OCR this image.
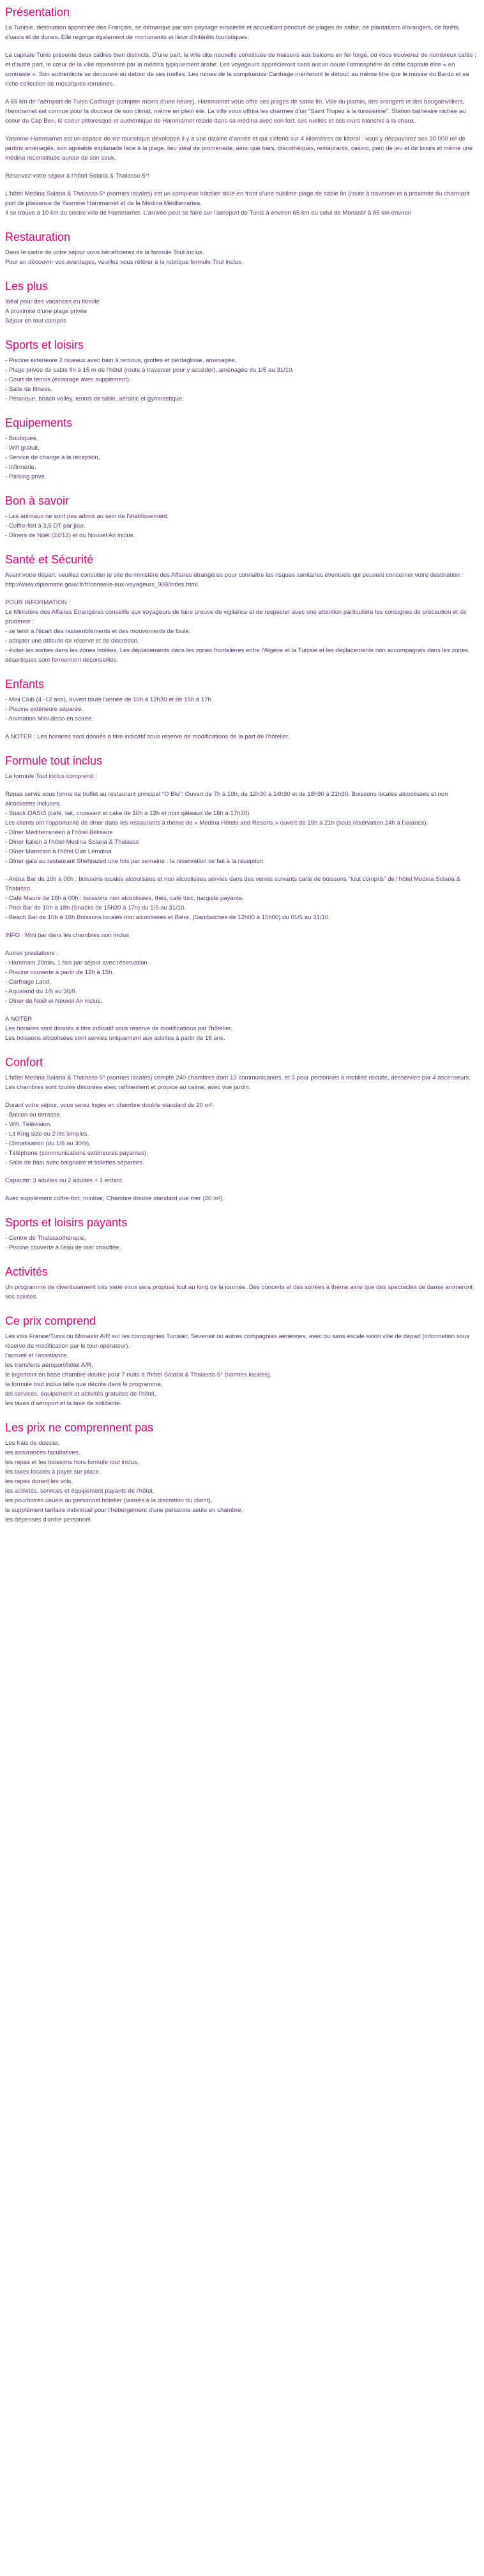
Présentation

La Tunisie, destination appréciée des Français, se démarque par son paysage ensoleillé et accueillant ponctué de plages de sable, de plantations d'orangers, de forêts, d'oasis et de dunes. Elle regorge également de monuments et lieux d'intérêts touristiques.

La capitale Tunis présente deux cadres bien distincts. D'une part, la ville dite nouvelle constituée de maisons aux balcons en fer forgé, où vous trouverez de nombreux cafés ; et d'autre part, le cœur de la ville représenté par la médina typiquement arabe. Les voyageurs apprécieront sans aucun doute l'atmosphère de cette capitale élite « en contraste ». Son authenticité se découvre au détour de ses ruelles. Les ruines de la somptueuse Carthage mériteront le détour, au même titre que le musée du Bardo et sa riche collection de mosaïques romaines.

A 65 km de l'aéroport de Tunis Carthage (compter moins d'une heure), Hammamet vous offre ses plages de sable fin. Ville du jasmin, des orangers et des bougainvilliers, Hammamet est connue pour la douceur de son climat, même en plein été. La ville vous offrira les charmes d'un "Saint Tropez à la tunisienne". Station balnéaire nichée au coeur du Cap Bon, le coeur pittoresque et authentique de Hammamet réside dans sa médina avec son fort, ses ruelles et ses murs blanchis à la chaux.

Yasmine-Hammamet est un espace de vie touristique développé il y a une dizaine d'année et qui s'étend sur 4 kilomètres de littoral : vous y découvrirez ses 30 000 m² de jardins aménagés, son agréable esplanade face à la plage, lieu idéal de promenade, ainsi que bars, discothèques, restaurants, casino, parc de jeu et de loisirs et même une médina reconstituée autour de son souk.

Réservez votre séjour à l'hôtel Solaria & Thalasso 5*!

L'hôtel Medina Solaria & Thalasso 5* (normes locales) est un complexe hôtelier situé en front d'une sublime plage de sable fin (route à traverser et à proximité du charmant port de plaisance de Yasmine Hammamet et de la Médina Méditerranea.
Il se trouve à 10 km du centre ville de Hammamet. L'arrivée peut se faire sur l'aéroport de Tunis à environ 65 km ou celui de Monastir à 85 km environ

Restauration
Dans le cadre de votre séjour vous bénéficierez de la formule Tout inclus.
Pour en découvrir vos avantages, veuillez vous référer à la rubrique formule Tout inclus.
Les plus
Idéal pour des vacances en famille
A proximité d'une plage privée
Séjour en tout compris
Sports et loisirs
- Piscine extérieure 2 niveaux avec bain à remous, grottes et pentaglisse, aménagée,
- Plage privée de sable fin à 15 m de l'hôtel (route à traverser pour y accéder), aménagée du 1/5 au 31/10.
- Court de tennis (éclairage avec supplément).
- Salle de fitness.
- Pétanque, beach volley, tennis de table, aérobic et gymnastique.
Equipements
- Boutiques,
- Wifi gratuit,
- Service de change à la réception,
- Infirmerie,
- Parking privé.
Bon à savoir
- Les animaux ne sont pas admis au sein de l'établissement.
- Coffre-fort à 3,5 DT par jour.
- Dîners de Noël (24/12) et du Nouvel An inclus.
Santé et Sécurité

Avant votre départ, veuillez consulter le site du ministère des Affaires étrangères pour connaître les risques sanitaires éventuels qui peuvent concerner votre destination : http://www.diplomatie.gouv.fr/fr/conseils-aux-voyageurs_909/index.html

POUR INFORMATION :
Le Ministère des Affaires Etrangères conseille aux voyageurs de faire preuve de vigilance et de respecter avec une attention particulière les consignes de précaution et de prudence :
- se tenir à l'écart des rassemblements et des mouvements de foule,
- adopter une attitude de réserve et de discrétion,
- éviter les sorties dans les zones isolées. Les déplacements dans les zones frontalières entre l'Algérie et la Tunisie et les déplacements non accompagnés dans les zones désertiques sont fermement déconseillés.

Enfants
- Mini Club (4 -12 ans), ouvert toute l'année de 10h à 12h30 et de 15h à 17h.
- Piscine extérieure séparée.
- Animation Mini disco en soirée.

A NOTER : Les horaires sont donnés à titre indicatif sous réserve de modifications de la part de l'hôtelier.

Formule tout inclus

La formule Tout inclus comprend :

Repas servis sous forme de buffet au restaurant principal "O Blu": Ouvert de 7h à 10h, de 12h30 à 14h30 et de 18h30 à 21h30. Boissons locales alcoolisées et non alcoolisées incluses.
- Snack OASIS (café, lait, croissant et cake de 10h à 12h et mini gâteaux de 16h à 17h30).
Les clients ont l'opportunité de dîner dans les restaurants à thème de « Medina Hôtels and Resorts » ouvert de 19h à 21h (sous réservation 24h à l'avance).
- Dîner Méditerranéen à l'hôtel Bélisaire
- Dîner Italien à l'hôtel Medina Solaria & Thalasso
- Dîner Marocain à l'hôtel Diar Lemdina
- Dîner gala au restaurant Shehrazed une fois par semaine : la réservation se fait à la réception
- Aréna Bar de 10h à 00h : boissons locales alcoolisées et non alcoolisées servies dans des verres suivants carte de boissons "tout compris" de l'hôtel Medina Solaria & Thalasso.
- Café Maure de 16h à 00h : boissons non alcoolisées, thés, café turc, narguilé payante.
- Pool Bar de 10h à 18h (Snacks de 15h30 à 17h) du 1/5 au 31/10.
- Beach Bar de 10h à 18h Boissons locales non alcoolisées et Bière. (Sandwiches de 12h00 à 15h00) du 01/5 au 31/10.

INFO : Mini bar dans les chambres non inclus

Autres prestations :
- Hammam 20min, 1 fois par séjour avec réservation .
- Piscine couverte à partir de 12h à 15h.
- Carthage Land.
- Aqualand du 1/6 au 30/9.
- Dîner de Noël et Nouvel An inclus.
A NOTER
Les horaires sont donnés à titre indicatif sous réserve de modifications par l'hôtelier.
Les boissons alcoolisées sont servies uniquement aux adultes à partir de 18 ans.
Confort

L'hôtel Medina Solaria & Thalasso 5* (normes locales) compte 240 chambres dont 13 communicantes, et 3 pour personnes à mobilité réduite, desservies par 4 ascenseurs.
Les chambres sont toutes décorées avec raffinement et propice au calme, avec vue jardin.

Durant votre séjour, vous serez logés en chambre double standard de 20 m²:
- Balcon ou terrasse.
- Wifi, Télévision.
- Lit King size ou 2 lits simples.
- Climatisation (du 1/6 au 30/9).
- Téléphone (communications extérieures payantes).
- Salle de bain avec baignoire et toilettes séparées.

Capacité: 3 adultes ou 2 adultes + 1 enfant.

Avec supplément coffre-fort, minibar, Chambre double standard vue mer (20 m²).

Sports et loisirs payants
- Centre de Thalassothérapie,
- Piscine couverte à l'eau de mer chauffée.
Activités

Un programme de divertissement très varié vous sera proposé tout au long de la journée. Des concerts et des soirées à thème ainsi que des spectacles de danse animeront vos soirées.

Ce prix comprend
Les vols France/Tunis ou Monastir A/R sur les compagnies Tunisair, Sevenair ou autres compagnies aériennes, avec ou sans escale selon ville de départ (information sous réserve de modification par le tour-opérateur).
l'accueil et l'assistance,
les transferts aéroport/hôtel A/R,
le logement en base chambre double pour 7 nuits à l'hôtel Solaria & Thalasso 5* (normes locales),
la formule tout inclus telle que décrite dans le programme,
les services, équipement et activités gratuites de l'hôtel,
les taxes d'aéroport et la taxe de solidarité.
Les prix ne comprennent pas
Les frais de dossier,
les assurances facultatives,
les repas et les boissons hors formule tout inclus,
les taxes locales à payer sur place,
les repas durant les vols,
les activités, services et équipement payants de l'hôtel,
les pourboires usuels au personnel hôtelier (laissés à la discrétion du client),
le supplément tarifaire individuel pour l'hébergement d'une personne seule en chambre,
les dépenses d'ordre personnel.
